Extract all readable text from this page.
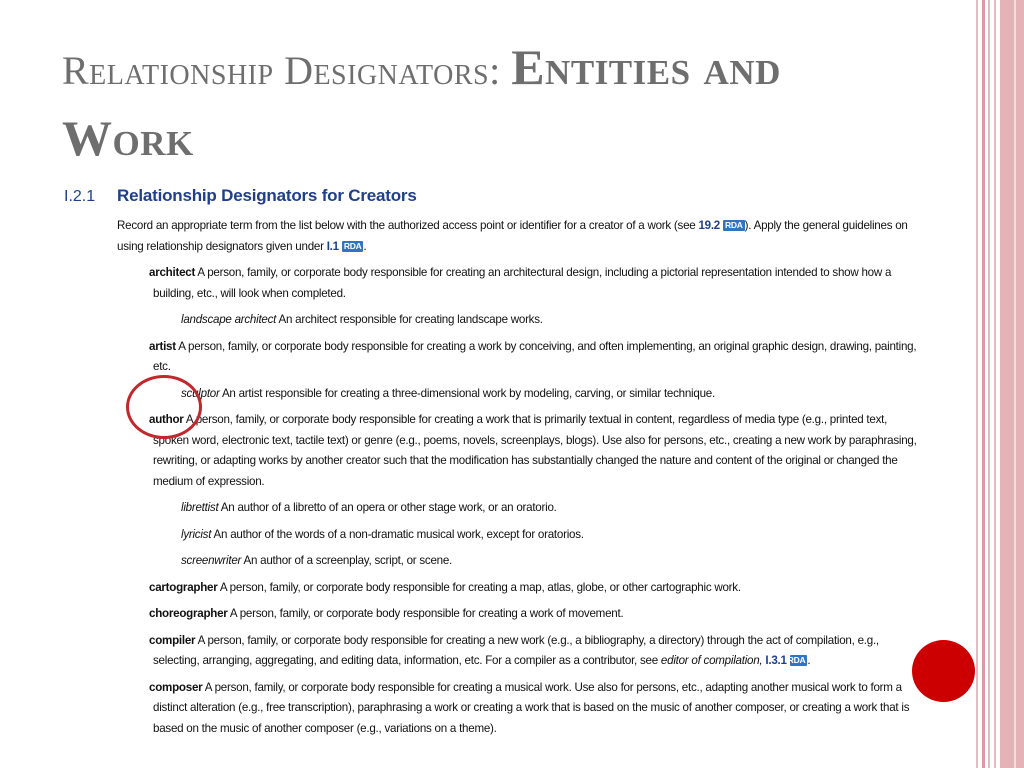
Relationship Designators: Entities and Work
I.2.1	Relationship Designators for Creators
Record an appropriate term from the list below with the authorized access point or identifier for a creator of a work (see 19.2 RDA ). Apply the general guidelines on using relationship designators given under I.1 RDA .
architect A person, family, or corporate body responsible for creating an architectural design, including a pictorial representation intended to show how a building, etc., will look when completed.
landscape architect An architect responsible for creating landscape works.
artist A person, family, or corporate body responsible for creating a work by conceiving, and often implementing, an original graphic design, drawing, painting, etc.
sculptor An artist responsible for creating a three-dimensional work by modeling, carving, or similar technique.
author A person, family, or corporate body responsible for creating a work that is primarily textual in content, regardless of media type (e.g., printed text, spoken word, electronic text, tactile text) or genre (e.g., poems, novels, screenplays, blogs). Use also for persons, etc., creating a new work by paraphrasing, rewriting, or adapting works by another creator such that the modification has substantially changed the nature and content of the original or changed the medium of expression.
librettist An author of a libretto of an opera or other stage work, or an oratorio.
lyricist An author of the words of a non-dramatic musical work, except for oratorios.
screenwriter An author of a screenplay, script, or scene.
cartographer A person, family, or corporate body responsible for creating a map, atlas, globe, or other cartographic work.
choreographer A person, family, or corporate body responsible for creating a work of movement.
compiler A person, family, or corporate body responsible for creating a new work (e.g., a bibliography, a directory) through the act of compilation, e.g., selecting, arranging, aggregating, and editing data, information, etc. For a compiler as a contributor, see editor of compilation, I.3.1 RDA .
composer A person, family, or corporate body responsible for creating a musical work. Use also for persons, etc., adapting another musical work to form a distinct alteration (e.g., free transcription), paraphrasing a work or creating a work that is based on the music of another composer, or creating a work that is based on the music of another composer (e.g., variations on a theme).
